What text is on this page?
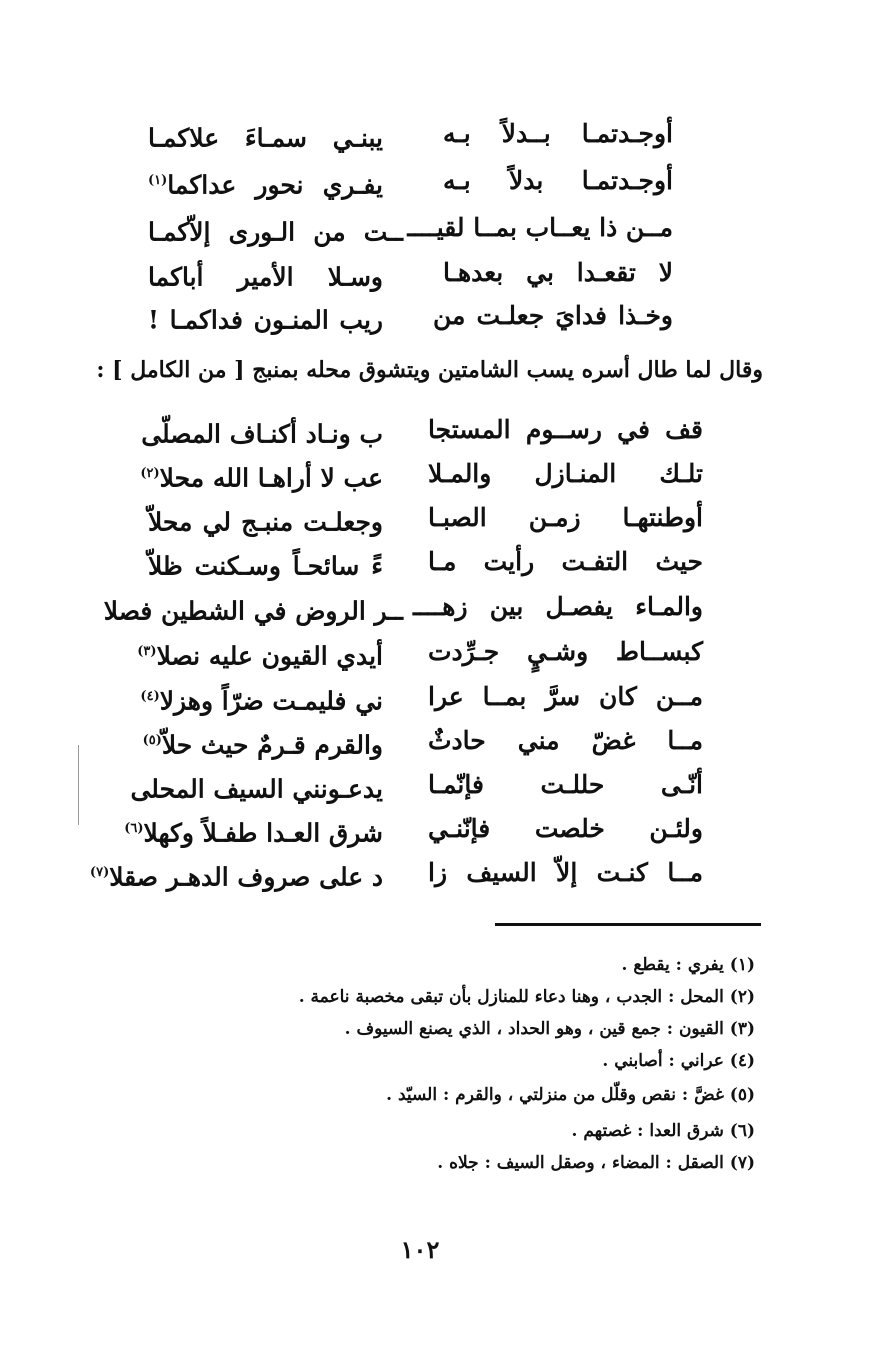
أوجـدتمـا بــدلاً بـه
يبنـي سمـاءَ علاكمـا
أوجـدتمـا بدلاً بـه
يفـري نحور عداكما$^{(١)}$
مــن ذا يعــاب بمــا لقيــــ
ــت من الـورى إلاّكمـا
لا تقعـدا بي بعدهـا
وسـلا الأمير أباكما
وخـذا فدايَ جعلـت من
ريب المنـون فداكمـا !
وقال لما طال أسره يسب الشامتين ويتشوق محله بمنبج [ من الكامل ] :
قف في رســوم المستجا
ب ونـاد أكنـاف المصلّى
تلـك المنـازل والمـلا
عب لا أراهـا الله محلا$^{(٢)}$
أوطنتهـا زمـن الصبـا
وجعلـت منبـج لي محلاّ
حيث التفـت رأيت مـا
ءً سائحـاً وسـكنت ظلاّ
والمـاء يفصـل بين زهــــ
ــر الروض في الشطين فصلا
كبســاط وشـيٍ جـرِّدت
أيدي القيون عليه نصلا$^{(٣)}$
مــن كان سرَّ بمــا عرا
ني فليمـت ضرّاً وهزلا$^{(٤)}$
مــا غضّ مني حادثٌ
والقرم قـرمٌ حيث حلاّ$^{(٥)}$
أنّـى حللـت فإنّمـا
يدعـونني السيف المحلى
ولئـن خلصت فإنّنـي
شرق العـدا طفـلاً وكهلا$^{(٦)}$
مــا كنـت إلاّ السيف زا
د على صروف الدهـر صقلا$^{(٧)}$
(١) يفري : يقطع .
(٢) المحل : الجدب ، وهنا دعاء للمنازل بأن تبقى مخصبة ناعمة .
(٣) القيون : جمع قين ، وهو الحداد ، الذي يصنع السيوف .
(٤) عراني : أصابني .
(٥) غضَّ : نقص وقلّل من منزلتي ، والقرم : السيّد .
(٦) شرق العدا : غصتهم .
(٧) الصقل : المضاء ، وصقل السيف : جلاه .
١٠٢
